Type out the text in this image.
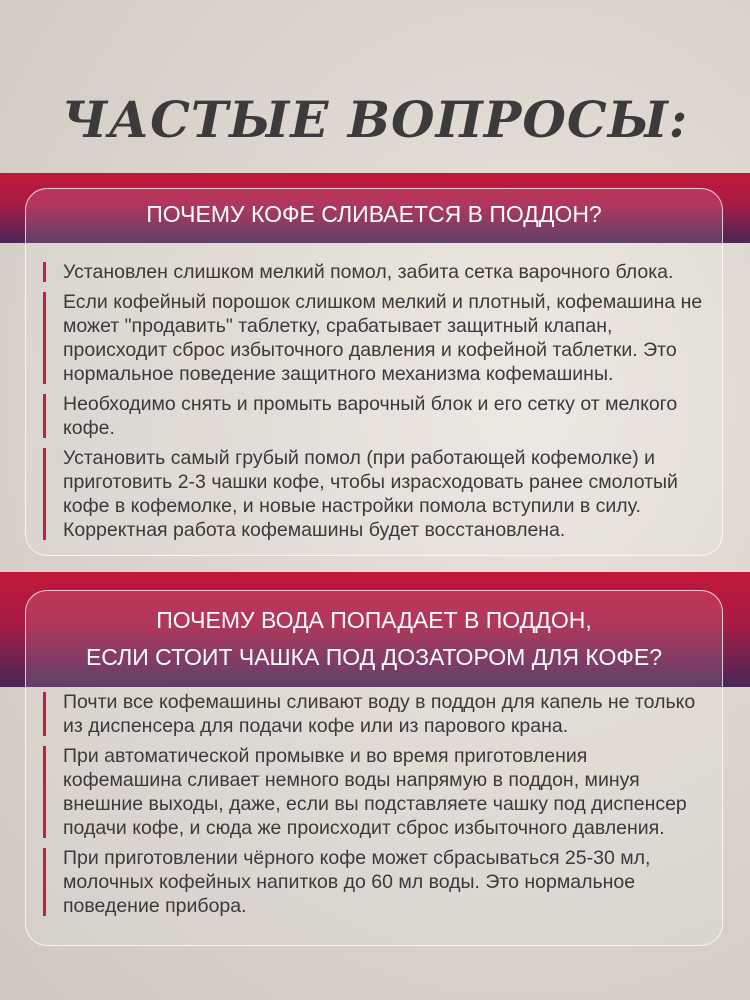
ЧАСТЫЕ ВОПРОСЫ:
ПОЧЕМУ КОФЕ СЛИВАЕТСЯ В ПОДДОН?
Установлен слишком мелкий помол, забита сетка варочного блока.
Если кофейный порошок слишком мелкий и плотный, кофемашина не может "продавить" таблетку, срабатывает защитный клапан, происходит сброс избыточного давления и кофейной таблетки. Это нормальное поведение защитного механизма кофемашины.
Необходимо снять и промыть варочный блок и его сетку от мелкого кофе.
Установить самый грубый помол (при работающей кофемолке) и приготовить 2-3 чашки кофе, чтобы израсходовать ранее смолотый кофе в кофемолке, и новые настройки помола вступили в силу. Корректная работа кофемашины будет восстановлена.
ПОЧЕМУ ВОДА ПОПАДАЕТ В ПОДДОН,
ЕСЛИ СТОИТ ЧАШКА ПОД ДОЗАТОРОМ ДЛЯ КОФЕ?
Почти все кофемашины сливают воду в поддон для капель не только из диспенсера для подачи кофе или из парового крана.
При автоматической промывке и во время приготовления кофемашина сливает немного воды напрямую в поддон, минуя внешние выходы, даже, если вы подставляете чашку под диспенсер подачи кофе, и сюда же происходит сброс избыточного давления.
При приготовлении чёрного кофе может сбрасываться 25-30 мл, молочных кофейных напитков до 60 мл воды. Это нормальное поведение прибора.
